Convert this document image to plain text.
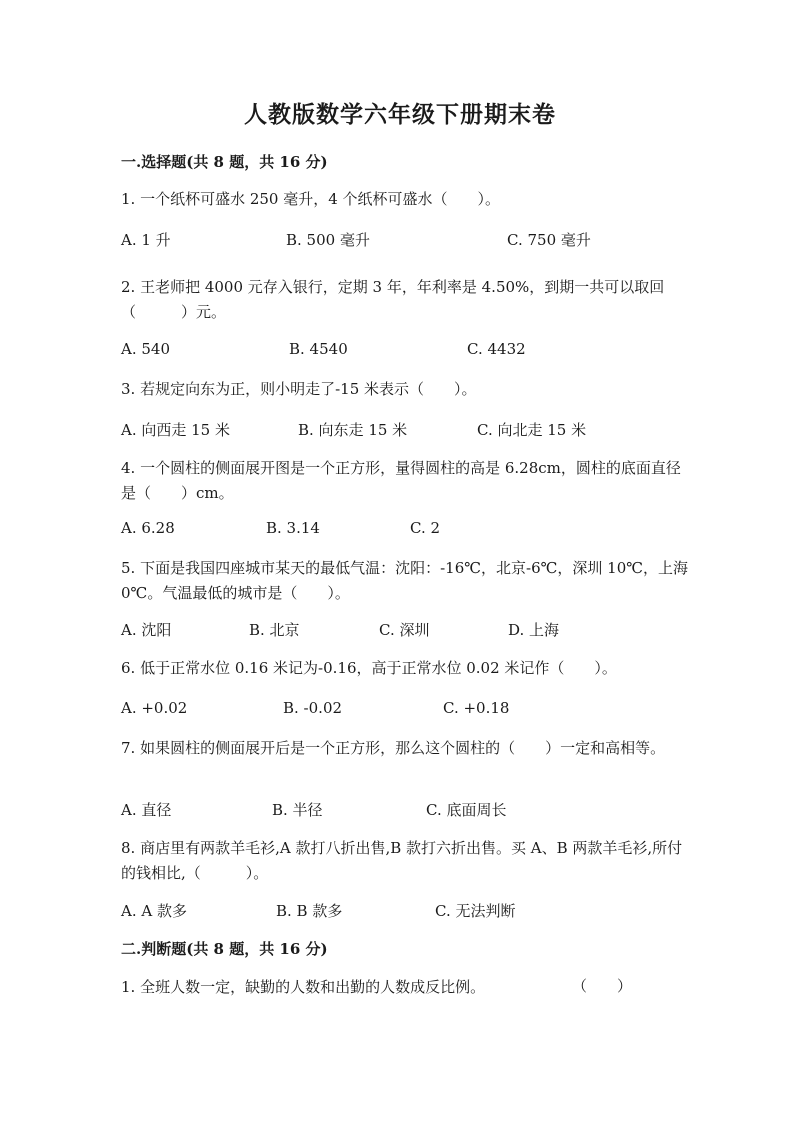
人教版数学六年级下册期末卷
一.选择题(共 8 题，共 16 分)
1. 一个纸杯可盛水 250 毫升，4 个纸杯可盛水（　　）。
A. 1 升	B. 500 毫升	C. 750 毫升
2. 王老师把 4000 元存入银行，定期 3 年，年利率是 4.50%，到期一共可以取回（　　　）元。
A. 540	B. 4540	C. 4432
3. 若规定向东为正，则小明走了-15 米表示（　　）。
A. 向西走 15 米	B. 向东走 15 米	C. 向北走 15 米
4. 一个圆柱的侧面展开图是一个正方形，量得圆柱的高是 6.28cm，圆柱的底面直径是（　　）cm。
A. 6.28	B. 3.14	C. 2
5. 下面是我国四座城市某天的最低气温：沈阳：-16℃，北京-6℃，深圳 10℃，上海 0℃。气温最低的城市是（　　）。
A. 沈阳	B. 北京	C. 深圳	D. 上海
6. 低于正常水位 0.16 米记为-0.16，高于正常水位 0.02 米记作（　　）。
A. +0.02	B. -0.02	C. +0.18
7. 如果圆柱的侧面展开后是一个正方形，那么这个圆柱的（　　）一定和高相等。
A. 直径	B. 半径	C. 底面周长
8. 商店里有两款羊毛衫,A 款打八折出售,B 款打六折出售。买 A、B 两款羊毛衫,所付的钱相比,（　　　）。
A. A 款多	B. B 款多	C. 无法判断
二.判断题(共 8 题，共 16 分)
1. 全班人数一定，缺勤的人数和出勤的人数成反比例。	（　　）
